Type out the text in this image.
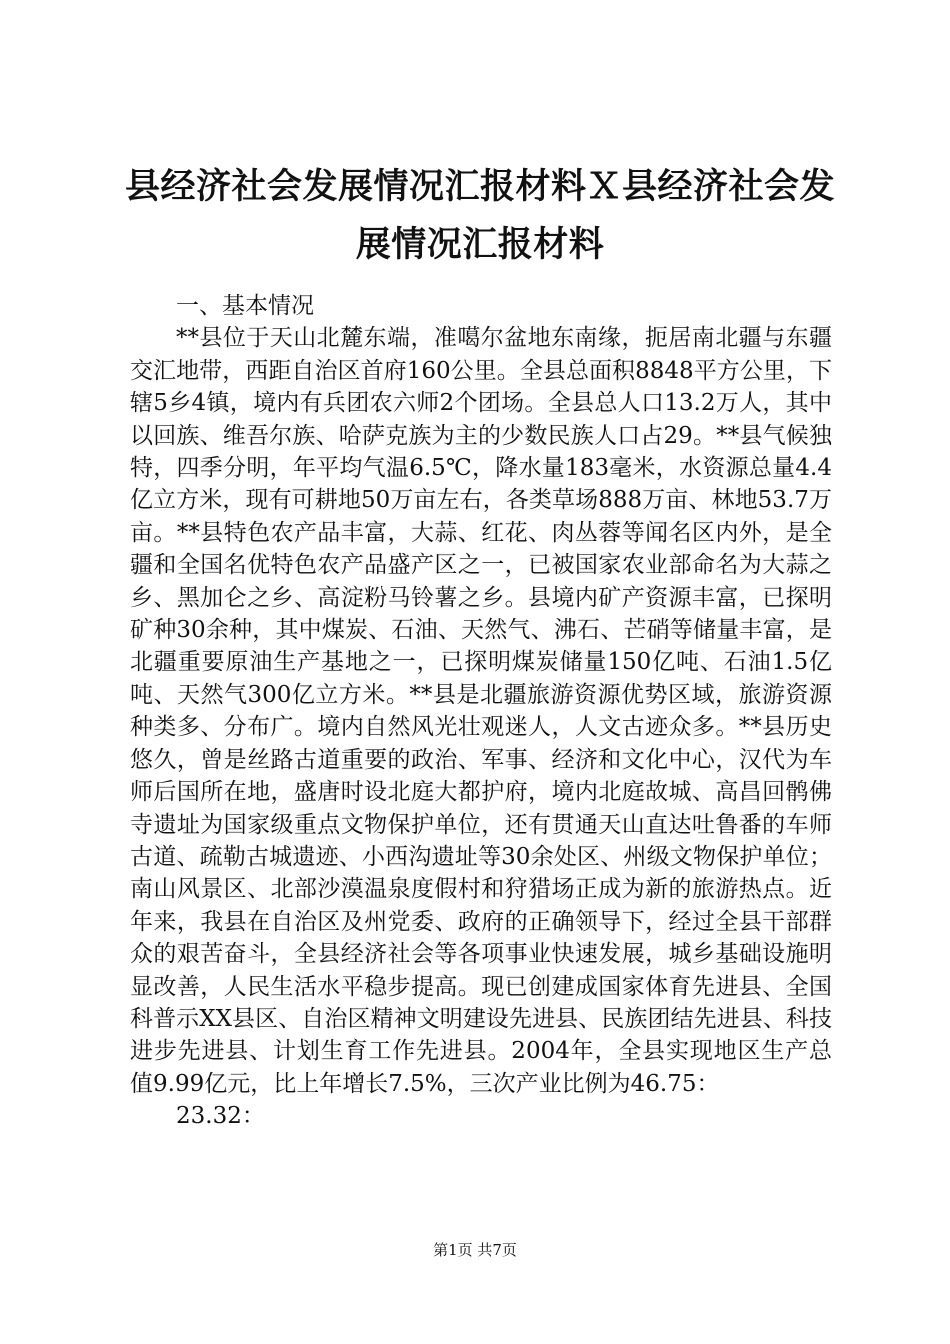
县经济社会发展情况汇报材料Ｘ县经济社会发展情况汇报材料

一、基本情况

**县位于天山北麓东端，准噶尔盆地东南缘，扼居南北疆与东疆交汇地带，西距自治区首府160公里。全县总面积8848平方公里，下辖5乡4镇，境内有兵团农六师2个团场。全县总人口13.2万人，其中以回族、维吾尔族、哈萨克族为主的少数民族人口占29。**县气候独特，四季分明，年平均气温6.5℃，降水量183毫米，水资源总量4.4亿立方米，现有可耕地50万亩左右，各类草场888万亩、林地53.7万亩。**县特色农产品丰富，大蒜、红花、肉丛蓉等闻名区内外，是全疆和全国名优特色农产品盛产区之一，已被国家农业部命名为大蒜之乡、黑加仑之乡、高淀粉马铃薯之乡。县境内矿产资源丰富，已探明矿种30余种，其中煤炭、石油、天然气、沸石、芒硝等储量丰富，是北疆重要原油生产基地之一，已探明煤炭储量150亿吨、石油1.5亿吨、天然气300亿立方米。**县是北疆旅游资源优势区域，旅游资源种类多、分布广。境内自然风光壮观迷人，人文古迹众多。**县历史悠久，曾是丝路古道重要的政治、军事、经济和文化中心，汉代为车师后国所在地，盛唐时设北庭大都护府，境内北庭故城、高昌回鹘佛寺遗址为国家级重点文物保护单位，还有贯通天山直达吐鲁番的车师古道、疏勒古城遗迹、小西沟遗址等30余处区、州级文物保护单位；南山风景区、北部沙漠温泉度假村和狩猎场正成为新的旅游热点。近年来，我县在自治区及州党委、政府的正确领导下，经过全县干部群众的艰苦奋斗，全县经济社会等各项事业快速发展，城乡基础设施明显改善，人民生活水平稳步提高。现已创建成国家体育先进县、全国科普示XX县区、自治区精神文明建设先进县、民族团结先进县、科技进步先进县、计划生育工作先进县。2004年，全县实现地区生产总值9.99亿元，比上年增长7.5%，三次产业比例为46.75：

23.32：

第1页 共7页
